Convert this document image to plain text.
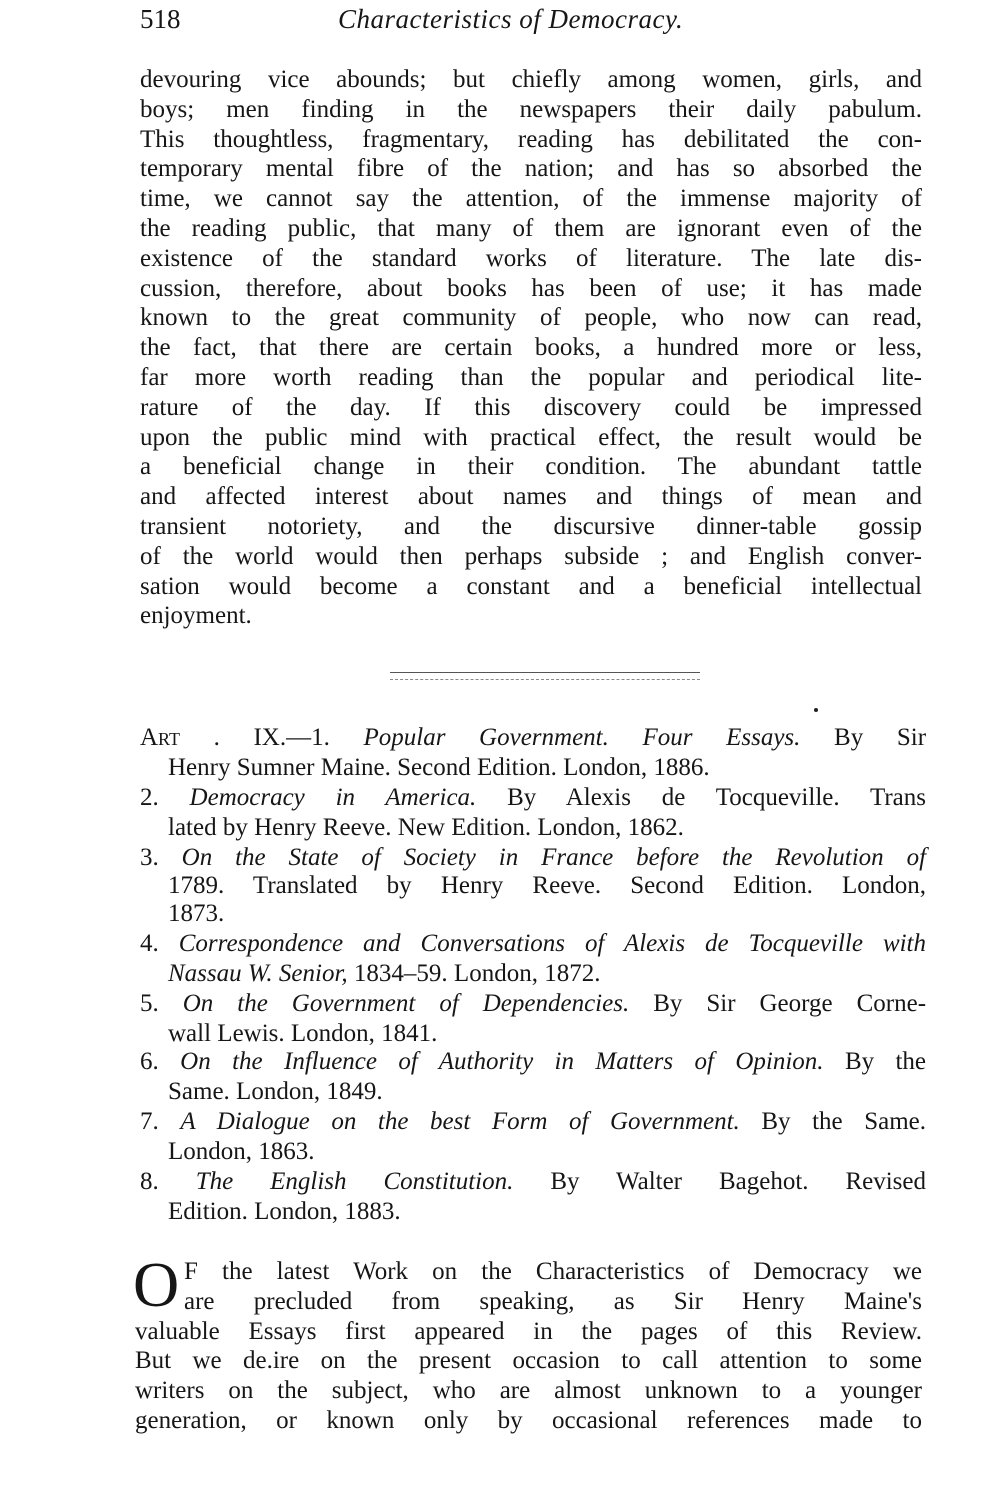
518	Characteristics of Democracy.
devouring vice abounds; but chiefly among women, girls, and
boys; men finding in the newspapers their daily pabulum.
This thoughtless, fragmentary, reading has debilitated the con-
temporary mental fibre of the nation; and has so absorbed the
time, we cannot say the attention, of the immense majority of
the reading public, that many of them are ignorant even of the
existence of the standard works of literature. The late dis-
cussion, therefore, about books has been of use; it has made
known to the great community of people, who now can read,
the fact, that there are certain books, a hundred more or less,
far more worth reading than the popular and periodical lite-
rature of the day. If this discovery could be impressed
upon the public mind with practical effect, the result would be
a beneficial change in their condition. The abundant tattle
and affected interest about names and things of mean and
transient notoriety, and the discursive dinner-table gossip
of the world would then perhaps subside ; and English conver-
sation would become a constant and a beneficial intellectual
enjoyment.
Art . IX.—1. Popular Government. Four Essays. By Sir
Henry Sumner Maine. Second Edition. London, 1886.
2. Democracy in America. By Alexis de Tocqueville. Trans
lated by Henry Reeve. New Edition. London, 1862.
3. On the State of Society in France before the Revolution of
1789. Translated by Henry Reeve. Second Edition. London,
1873.
4. Correspondence and Conversations of Alexis de Tocqueville with
Nassau W. Senior, 1834–59. London, 1872.
5. On the Government of Dependencies. By Sir George Corne-
wall Lewis. London, 1841.
6. On the Influence of Authority in Matters of Opinion. By the
Same. London, 1849.
7. A Dialogue on the best Form of Government. By the Same.
London, 1863.
8. The English Constitution. By Walter Bagehot. Revised
Edition. London, 1883.
O F the latest Work on the Characteristics of Democracy we
are precluded from speaking, as Sir Henry Maine's
valuable Essays first appeared in the pages of this Review.
But we de.ire on the present occasion to call attention to some
writers on the subject, who are almost unknown to a younger
generation, or known only by occasional references made to
